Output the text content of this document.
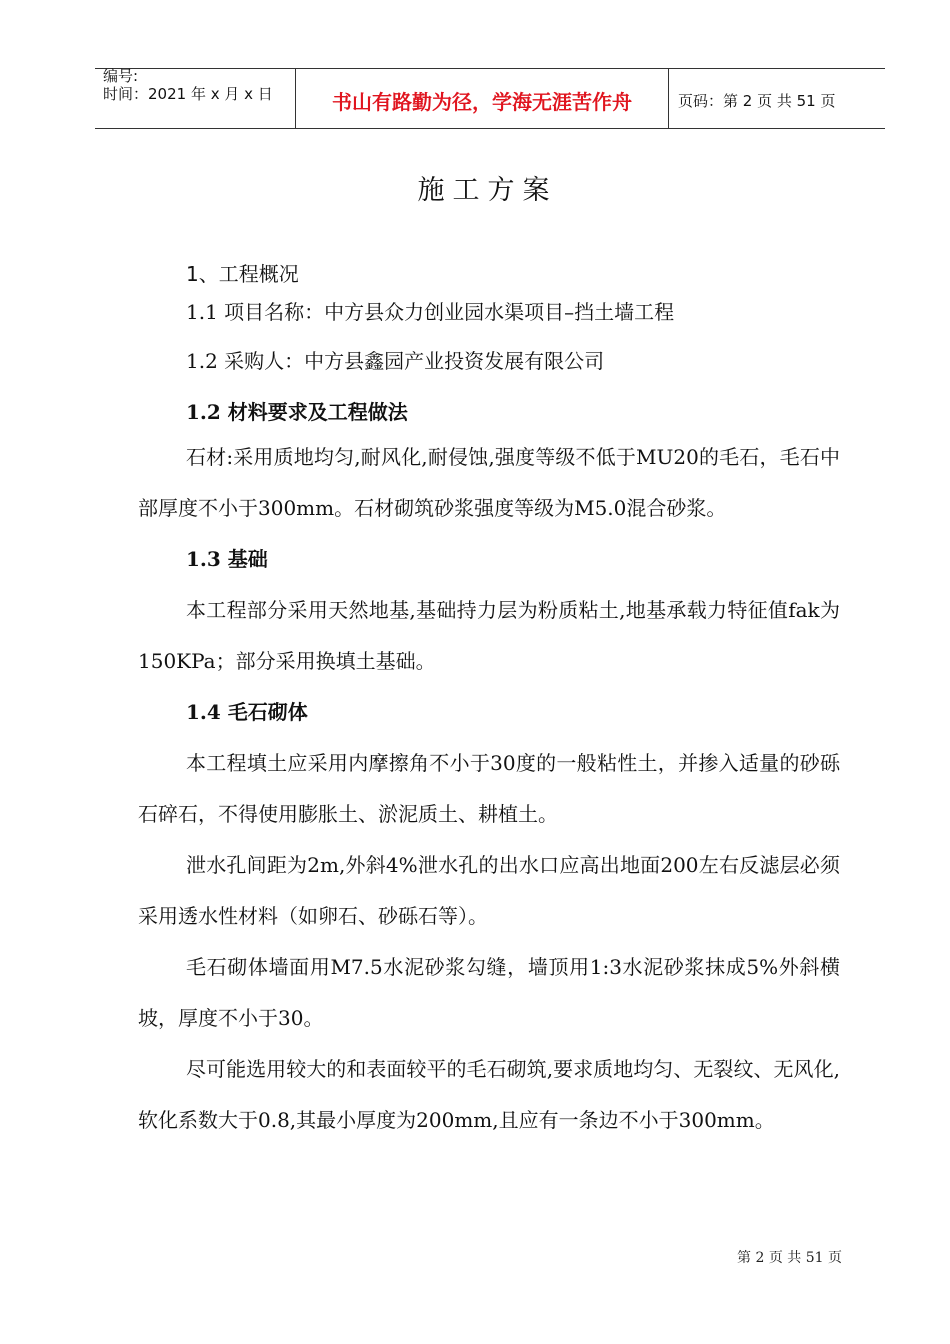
编号:
时间：2021 年 x 月 x 日	书山有路勤为径，学海无涯苦作舟	页码：第 2 页 共 51 页
施工方案
1、工程概况

1.1 项目名称：中方县众力创业园水渠项目–挡土墙工程

1.2 采购人：中方县鑫园产业投资发展有限公司

1.2 材料要求及工程做法

石材:采用质地均匀,耐风化,耐侵蚀,强度等级不低于MU20的毛石，毛石中部厚度不小于300mm。石材砌筑砂浆强度等级为M5.0混合砂浆。

1.3 基础

本工程部分采用天然地基,基础持力层为粉质粘土,地基承载力特征值fak为150KPa；部分采用换填土基础。

1.4 毛石砌体

本工程填土应采用内摩擦角不小于30度的一般粘性土，并掺入适量的砂砾石碎石，不得使用膨胀土、淤泥质土、耕植土。

泄水孔间距为2m,外斜4%泄水孔的出水口应高出地面200左右反滤层必须采用透水性材料（如卵石、砂砾石等）。

毛石砌体墙面用M7.5水泥砂浆勾缝，墙顶用1:3水泥砂浆抹成5%外斜横坡，厚度不小于30。

尽可能选用较大的和表面较平的毛石砌筑,要求质地均匀、无裂纹、无风化,软化系数大于0.8,其最小厚度为200mm,且应有一条边不小于300mm。

第 2 页 共 51 页
